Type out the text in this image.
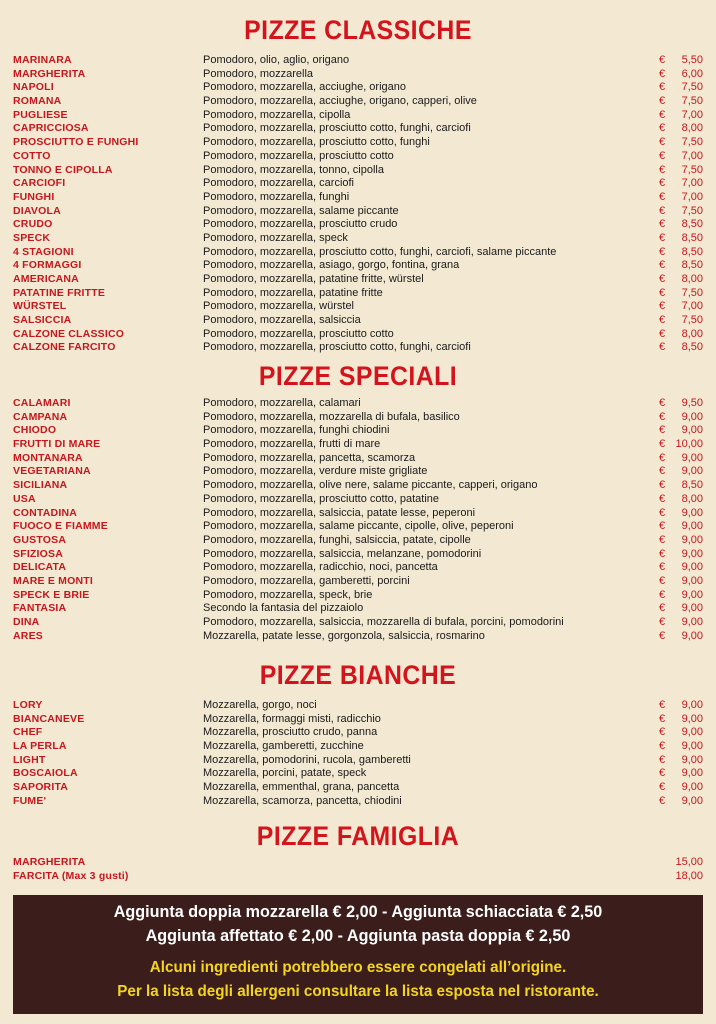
PIZZE CLASSICHE
MARINARA	Pomodoro, olio, aglio, origano	€ 5,50
MARGHERITA	Pomodoro, mozzarella	€ 6,00
NAPOLI	Pomodoro, mozzarella, acciughe, origano	€ 7,50
ROMANA	Pomodoro, mozzarella, acciughe, origano, capperi, olive	€ 7,50
PUGLIESE	Pomodoro, mozzarella, cipolla	€ 7,00
CAPRICCIOSA	Pomodoro, mozzarella, prosciutto cotto, funghi, carciofi	€ 8,00
PROSCIUTTO E FUNGHI	Pomodoro, mozzarella, prosciutto cotto, funghi	€ 7,50
COTTO	Pomodoro, mozzarella, prosciutto cotto	€ 7,00
TONNO E CIPOLLA	Pomodoro, mozzarella, tonno, cipolla	€ 7,50
CARCIOFI	Pomodoro, mozzarella, carciofi	€ 7,00
FUNGHI	Pomodoro, mozzarella, funghi	€ 7,00
DIAVOLA	Pomodoro, mozzarella, salame piccante	€ 7,50
CRUDO	Pomodoro, mozzarella, prosciutto crudo	€ 8,50
SPECK	Pomodoro, mozzarella, speck	€ 8,50
4 STAGIONI	Pomodoro, mozzarella, prosciutto cotto, funghi, carciofi, salame piccante	€ 8,50
4 FORMAGGI	Pomodoro, mozzarella, asiago, gorgo, fontina, grana	€ 8,50
AMERICANA	Pomodoro, mozzarella, patatine fritte, würstel	€ 8,00
PATATINE FRITTE	Pomodoro, mozzarella, patatine fritte	€ 7,50
WÜRSTEL	Pomodoro, mozzarella, würstel	€ 7,00
SALSICCIA	Pomodoro, mozzarella, salsiccia	€ 7,50
CALZONE CLASSICO	Pomodoro, mozzarella, prosciutto cotto	€ 8,00
CALZONE FARCITO	Pomodoro, mozzarella, prosciutto cotto, funghi, carciofi	€ 8,50
PIZZE SPECIALI
CALAMARI	Pomodoro, mozzarella, calamari	€ 9,50
CAMPANA	Pomodoro, mozzarella, mozzarella di bufala, basilico	€ 9,00
CHIODO	Pomodoro, mozzarella, funghi chiodini	€ 9,00
FRUTTI DI MARE	Pomodoro, mozzarella, frutti di mare	€ 10,00
MONTANARA	Pomodoro, mozzarella, pancetta, scamorza	€ 9,00
VEGETARIANA	Pomodoro, mozzarella, verdure miste grigliate	€ 9,00
SICILIANA	Pomodoro, mozzarella, olive nere, salame piccante, capperi, origano	€ 8,50
USA	Pomodoro, mozzarella, prosciutto cotto, patatine	€ 8,00
CONTADINA	Pomodoro, mozzarella, salsiccia, patate lesse, peperoni	€ 9,00
FUOCO E FIAMME	Pomodoro, mozzarella, salame piccante, cipolle, olive, peperoni	€ 9,00
GUSTOSA	Pomodoro, mozzarella, funghi, salsiccia, patate, cipolle	€ 9,00
SFIZIOSA	Pomodoro, mozzarella, salsiccia, melanzane, pomodorini	€ 9,00
DELICATA	Pomodoro, mozzarella, radicchio, noci, pancetta	€ 9,00
MARE E MONTI	Pomodoro, mozzarella, gamberetti, porcini	€ 9,00
SPECK E BRIE	Pomodoro, mozzarella, speck, brie	€ 9,00
FANTASIA	Secondo la fantasia del pizzaiolo	€ 9,00
DINA	Pomodoro, mozzarella, salsiccia, mozzarella di bufala, porcini, pomodorini	€ 9,00
ARES	Mozzarella, patate lesse, gorgonzola, salsiccia, rosmarino	€ 9,00
PIZZE BIANCHE
LORY	Mozzarella, gorgo, noci	€ 9,00
BIANCANEVE	Mozzarella, formaggi misti, radicchio	€ 9,00
CHEF	Mozzarella, prosciutto crudo, panna	€ 9,00
LA PERLA	Mozzarella, gamberetti, zucchine	€ 9,00
LIGHT	Mozzarella, pomodorini, rucola, gamberetti	€ 9,00
BOSCAIOLA	Mozzarella, porcini, patate, speck	€ 9,00
SAPORITA	Mozzarella, emmenthal, grana, pancetta	€ 9,00
FUME'	Mozzarella, scamorza, pancetta, chiodini	€ 9,00
PIZZE FAMIGLIA
MARGHERITA	15,00
FARCITA (Max 3 gusti)	18,00
Aggiunta doppia mozzarella € 2,00 - Aggiunta schiacciata € 2,50
Aggiunta affettato € 2,00 - Aggiunta pasta doppia € 2,50
Alcuni ingredienti potrebbero essere congelati all’origine.
Per la lista degli allergeni consultare la lista esposta nel ristorante.
